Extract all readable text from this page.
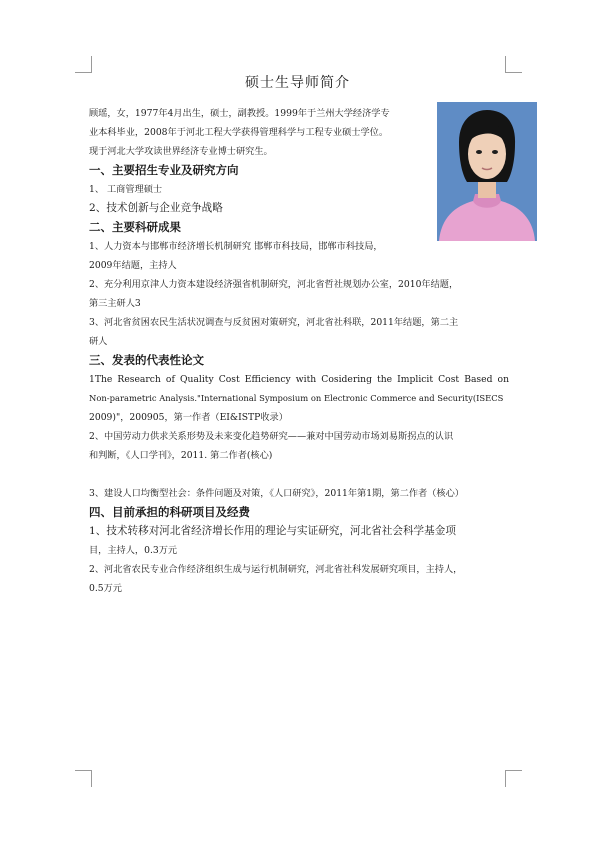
硕士生导师简介

顾瑶，女，1977年4月出生，硕士，副教授。1999年于兰州大学经济学专

业本科毕业，2008年于河北工程大学获得管理科学与工程专业硕士学位。

现于河北大学攻读世界经济专业博士研究生。

一、主要招生专业及研究方向

1、 工商管理硕士

2、技术创新与企业竞争战略

二、主要科研成果

1、人力资本与邯郸市经济增长机制研究 邯郸市科技局，邯郸市科技局，

2009年结题，主持人

2、充分利用京津人力资本建设经济强省机制研究，河北省哲社规划办公室，2010年结题，

第三主研人3

3、河北省贫困农民生活状况调查与反贫困对策研究，河北省社科联，2011年结题，第二主

研人

三、发表的代表性论文

1The Research of Quality Cost Efficiency with Cosidering the Implicit Cost Based on

Non-parametric Analysis."International Symposium on Electronic Commerce and Security(ISECS

2009)"，200905，第一作者（EI&ISTP收录）

2、中国劳动力供求关系形势及未来变化趋势研究——兼对中国劳动市场刘易斯拐点的认识

和判断，《人口学刊》，2011. 第二作者(核心)

3、建设人口均衡型社会：条件问题及对策，《人口研究》，2011年第1期，第二作者（核心）

四、目前承担的科研项目及经费

1、技术转移对河北省经济增长作用的理论与实证研究，河北省社会科学基金项

目，主持人，0.3万元

2、河北省农民专业合作经济组织生成与运行机制研究，河北省社科发展研究项目，主持人，

0.5万元
